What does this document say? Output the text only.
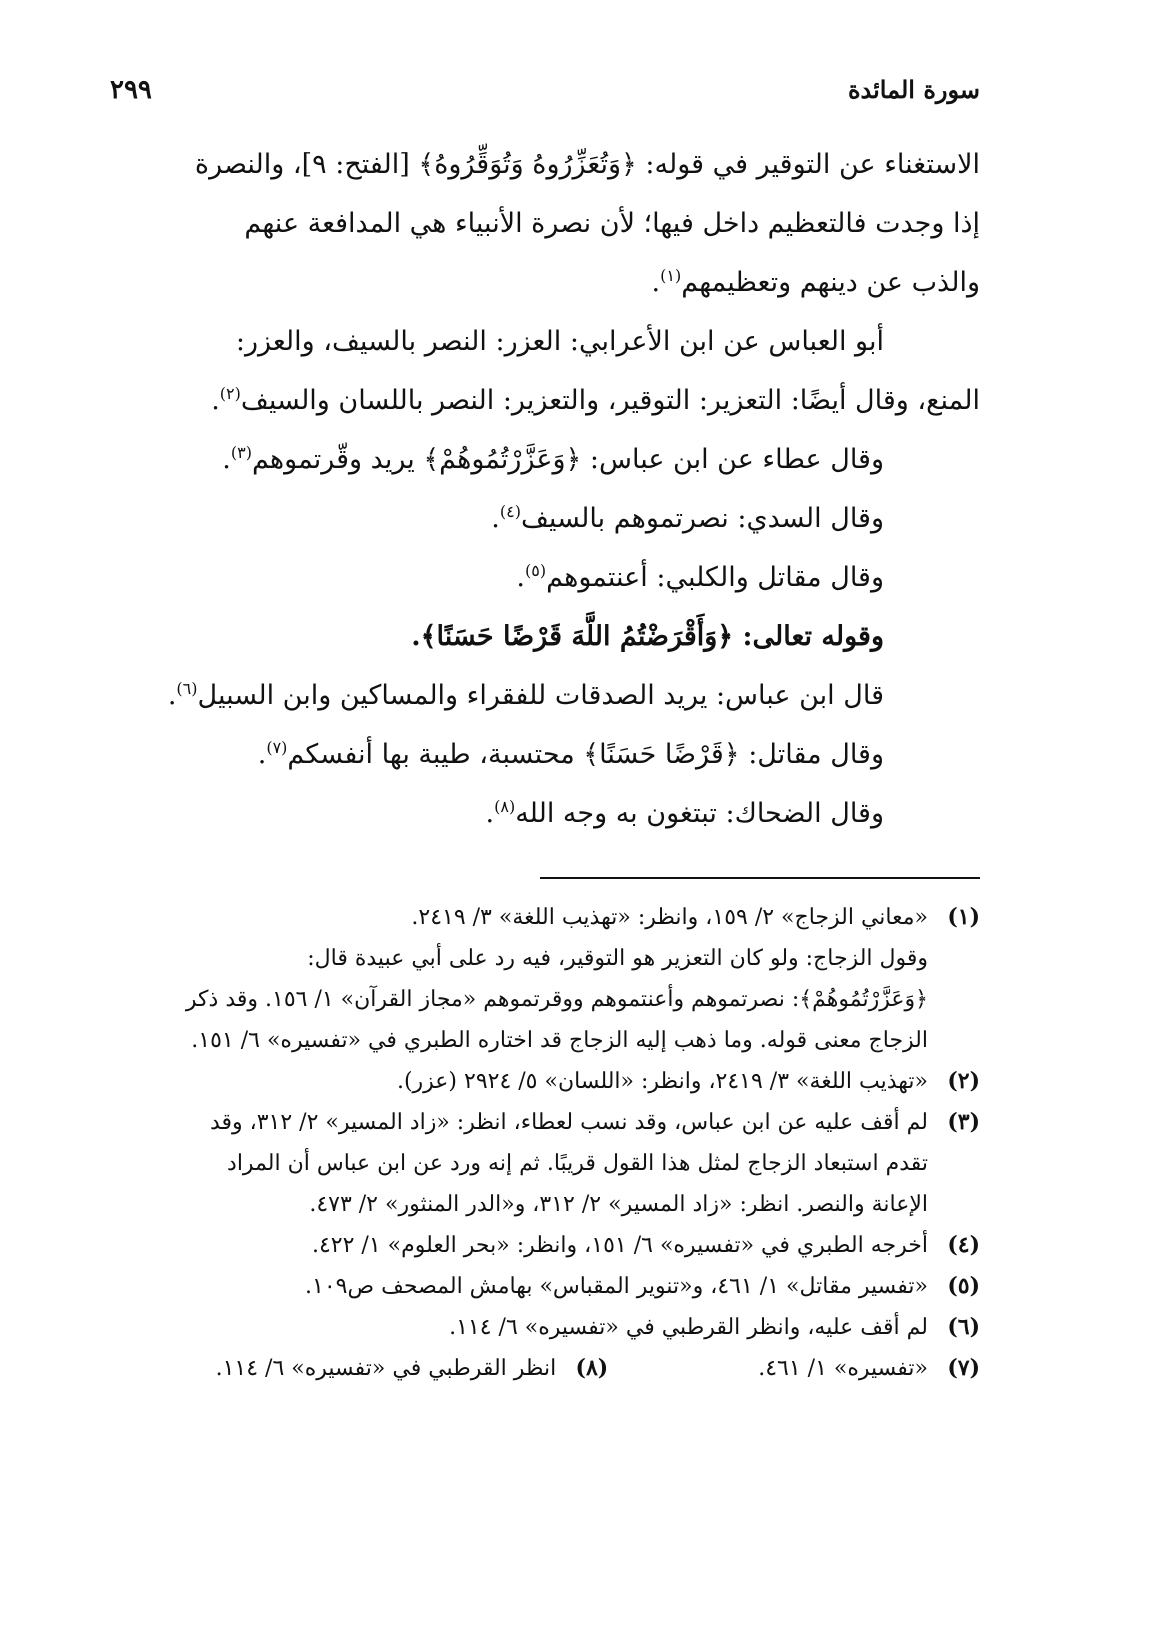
سورة المائدة
٢٩٩

الاستغناء عن التوقير في قوله: ﴿وَتُعَزِّرُوهُ وَتُوَقِّرُوهُ﴾ [الفتح: ٩]، والنصرة

إذا وجدت فالتعظيم داخل فيها؛ لأن نصرة الأنبياء هي المدافعة عنهم

والذب عن دينهم وتعظيمهم$^{(١)}$.

أبو العباس عن ابن الأعرابي: العزر: النصر بالسيف، والعزر:

المنع، وقال أيضًا: التعزير: التوقير، والتعزير: النصر باللسان والسيف$^{(٢)}$.

وقال عطاء عن ابن عباس: ﴿وَعَزَّرْتُمُوهُمْ﴾ يريد وقّرتموهم$^{(٣)}$.

وقال السدي: نصرتموهم بالسيف$^{(٤)}$.

وقال مقاتل والكلبي: أعنتموهم$^{(٥)}$.

وقوله تعالى: ﴿وَأَقْرَضْتُمُ اللَّهَ قَرْضًا حَسَنًا﴾.

قال ابن عباس: يريد الصدقات للفقراء والمساكين وابن السبيل$^{(٦)}$.

وقال مقاتل: ﴿قَرْضًا حَسَنًا﴾ محتسبة، طيبة بها أنفسكم$^{(٧)}$.

وقال الضحاك: تبتغون به وجه الله$^{(٨)}$.

(١)
«معاني الزجاج» ٢/ ١٥٩، وانظر: «تهذيب اللغة» ٣/ ٢٤١٩.
وقول الزجاج: ولو كان التعزير هو التوقير، فيه رد على أبي عبيدة قال:
﴿وَعَزَّرْتُمُوهُمْ﴾: نصرتموهم وأعنتموهم ووقرتموهم «مجاز القرآن» ١/ ١٥٦. وقد ذكر
الزجاج معنى قوله. وما ذهب إليه الزجاج قد اختاره الطبري في «تفسيره» ٦/ ١٥١.
(٢)
«تهذيب اللغة» ٣/ ٢٤١٩، وانظر: «اللسان» ٥/ ٢٩٢٤ (عزر).
(٣)
لم أقف عليه عن ابن عباس، وقد نسب لعطاء، انظر: «زاد المسير» ٢/ ٣١٢، وقد
تقدم استبعاد الزجاج لمثل هذا القول قريبًا. ثم إنه ورد عن ابن عباس أن المراد
الإعانة والنصر. انظر: «زاد المسير» ٢/ ٣١٢، و«الدر المنثور» ٢/ ٤٧٣.
(٤)
أخرجه الطبري في «تفسيره» ٦/ ١٥١، وانظر: «بحر العلوم» ١/ ٤٢٢.
(٥)
«تفسير مقاتل» ١/ ٤٦١، و«تنوير المقباس» بهامش المصحف ص١٠٩.
(٦)
لم أقف عليه، وانظر القرطبي في «تفسيره» ٦/ ١١٤.
(٧)
«تفسيره» ١/ ٤٦١.
(٨)
انظر القرطبي في «تفسيره» ٦/ ١١٤.
